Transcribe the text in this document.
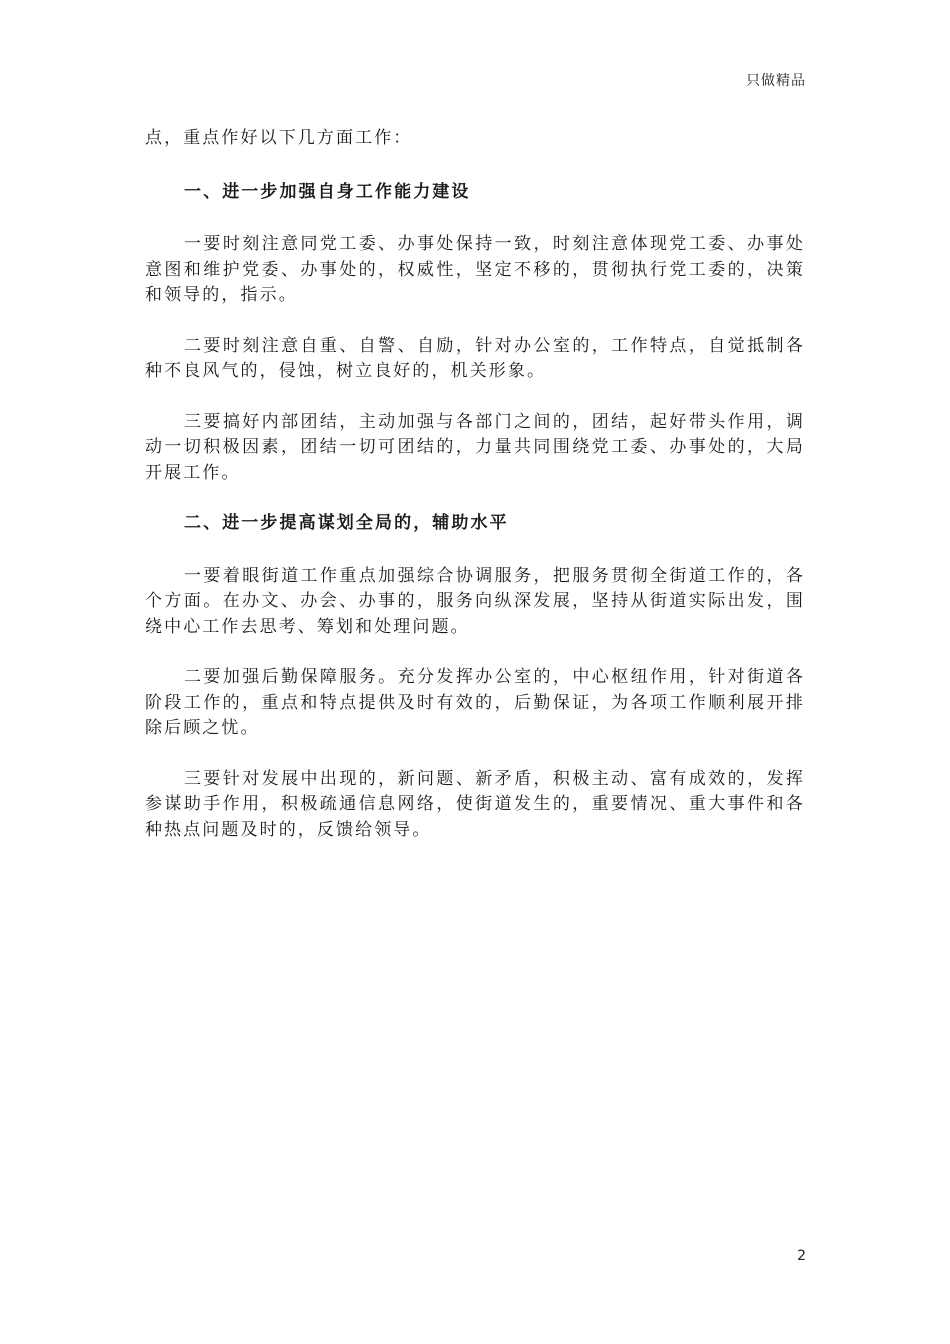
只做精品

点，重点作好以下几方面工作：

一、进一步加强自身工作能力建设

一要时刻注意同党工委、办事处保持一致，时刻注意体现党工委、办事处意图和维护党委、办事处的，权威性，坚定不移的，贯彻执行党工委的，决策和领导的，指示。

二要时刻注意自重、自警、自励，针对办公室的，工作特点，自觉抵制各种不良风气的，侵蚀，树立良好的，机关形象。

三要搞好内部团结，主动加强与各部门之间的，团结，起好带头作用，调动一切积极因素，团结一切可团结的，力量共同围绕党工委、办事处的，大局开展工作。

二、进一步提高谋划全局的，辅助水平

一要着眼街道工作重点加强综合协调服务，把服务贯彻全街道工作的，各个方面。在办文、办会、办事的，服务向纵深发展，坚持从街道实际出发，围绕中心工作去思考、筹划和处理问题。

二要加强后勤保障服务。充分发挥办公室的，中心枢纽作用，针对街道各阶段工作的，重点和特点提供及时有效的，后勤保证，为各项工作顺利展开排除后顾之忧。

三要针对发展中出现的，新问题、新矛盾，积极主动、富有成效的，发挥参谋助手作用，积极疏通信息网络，使街道发生的，重要情况、重大事件和各种热点问题及时的，反馈给领导。

2
